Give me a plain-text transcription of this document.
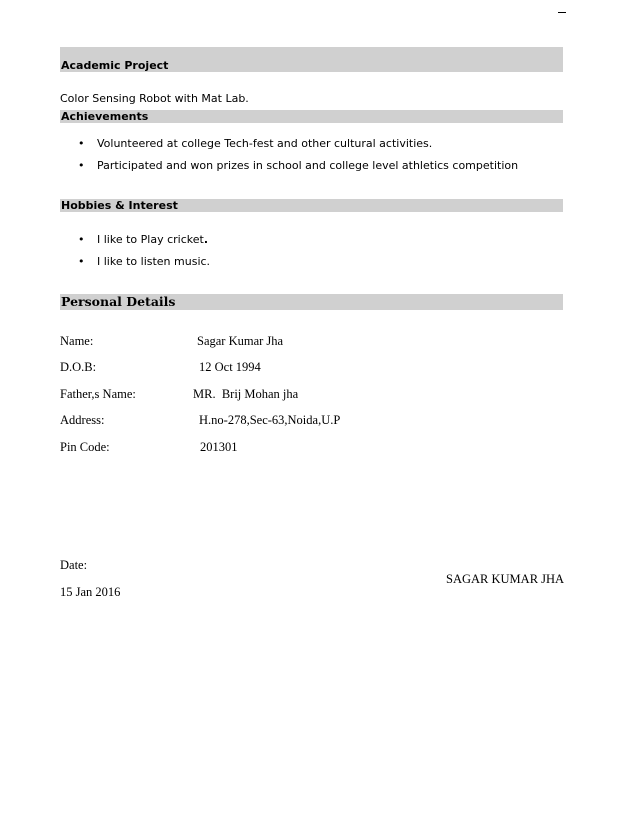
Academic Project
Color Sensing Robot with Mat Lab.
Achievements
• Volunteered at college Tech-fest and other cultural activities.
• Participated and won prizes in school and college level athletics competition
Hobbies & Interest
• I like to Play cricket.
• I like to listen music.
Personal Details
Name:	Sagar Kumar Jha
D.O.B:	12 Oct 1994
Father,s Name:	MR.  Brij Mohan jha
Address:	H.no-278,Sec-63,Noida,U.P
Pin Code:	201301
Date:
SAGAR KUMAR JHA
15 Jan 2016
